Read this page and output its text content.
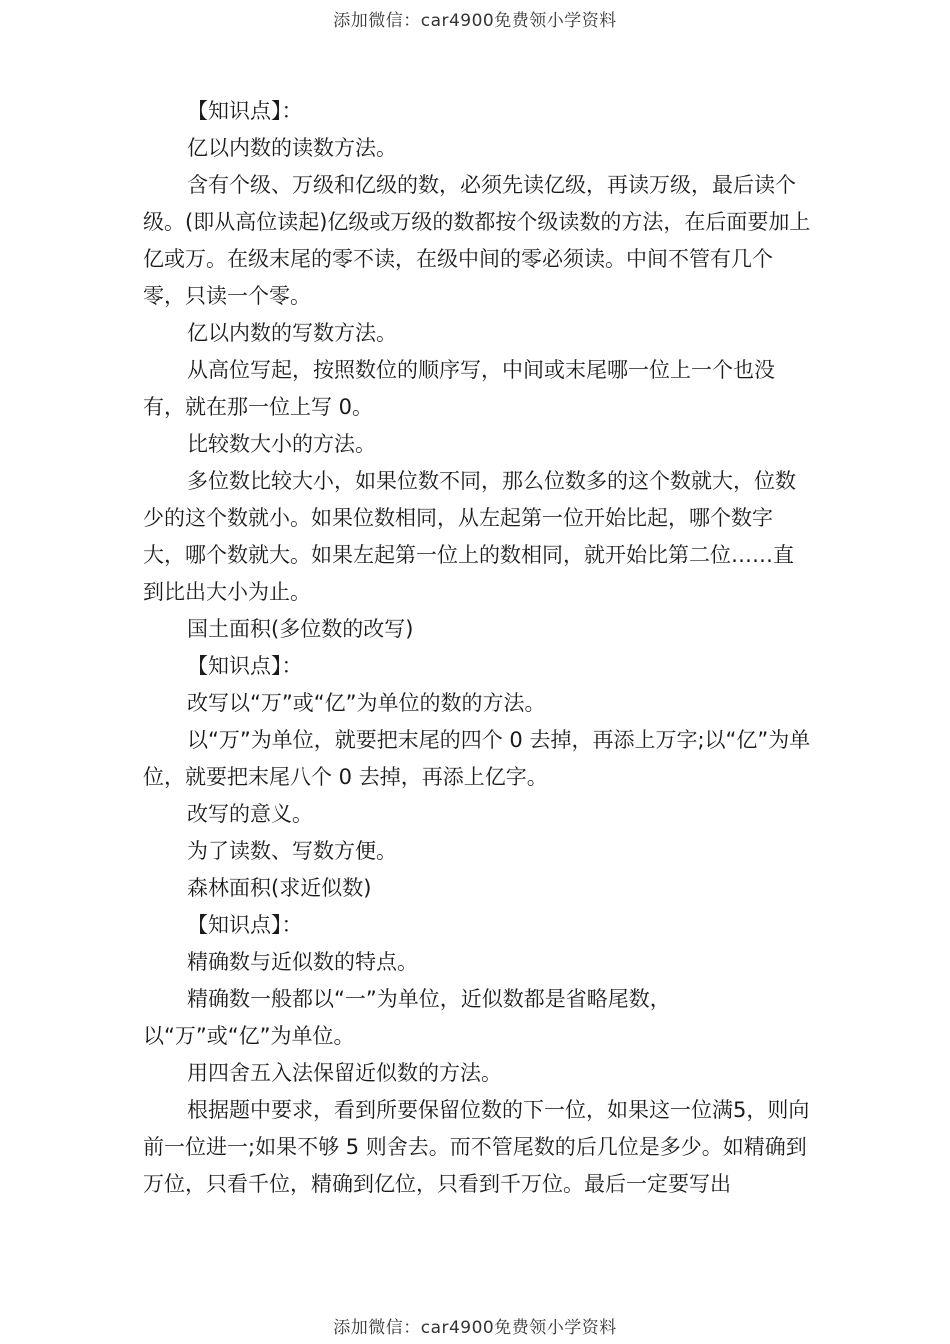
添加微信：car4900免费领小学资料

【知识点】：

亿以内数的读数方法。

含有个级、万级和亿级的数，必须先读亿级，再读万级，最后读个级。(即从高位读起)亿级或万级的数都按个级读数的方法，在后面要加上亿或万。在级末尾的零不读，在级中间的零必须读。中间不管有几个零，只读一个零。

亿以内数的写数方法。

从高位写起，按照数位的顺序写，中间或末尾哪一位上一个也没有，就在那一位上写 0。

比较数大小的方法。

多位数比较大小，如果位数不同，那么位数多的这个数就大，位数少的这个数就小。如果位数相同，从左起第一位开始比起，哪个数字大，哪个数就大。如果左起第一位上的数相同，就开始比第二位……直到比出大小为止。

国土面积(多位数的改写)

【知识点】：

改写以“万”或“亿”为单位的数的方法。

以“万”为单位，就要把末尾的四个 0 去掉，再添上万字;以“亿”为单位，就要把末尾八个 0 去掉，再添上亿字。

改写的意义。

为了读数、写数方便。

森林面积(求近似数)

【知识点】：

精确数与近似数的特点。

精确数一般都以“一”为单位，近似数都是省略尾数，以“万”或“亿”为单位。

用四舍五入法保留近似数的方法。

根据题中要求，看到所要保留位数的下一位，如果这一位满5，则向前一位进一;如果不够 5 则舍去。而不管尾数的后几位是多少。如精确到万位，只看千位，精确到亿位，只看到千万位。最后一定要写出

添加微信：car4900免费领小学资料
